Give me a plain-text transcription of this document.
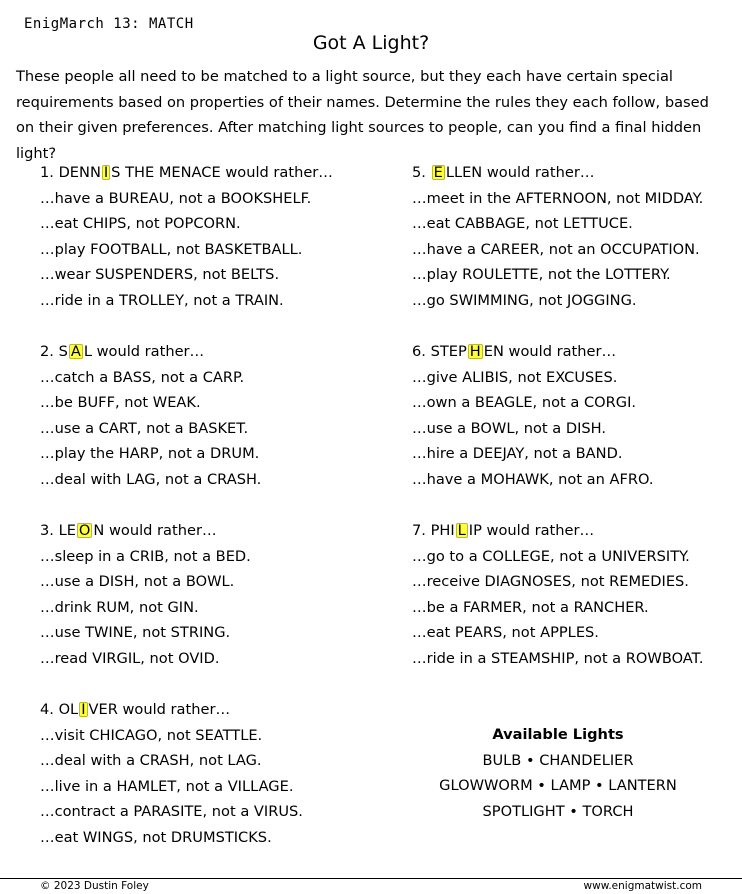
EnigMarch 13: MATCH
Got A Light?
These people all need to be matched to a light source, but they each have certain special requirements based on properties of their names. Determine the rules they each follow, based on their given preferences. After matching light sources to people, can you find a final hidden light?
1. DENN I S THE MENACE would rather…
…have a BUREAU, not a BOOKSHELF.
…eat CHIPS, not POPCORN.
…play FOOTBALL, not BASKETBALL.
…wear SUSPENDERS, not BELTS.
…ride in a TROLLEY, not a TRAIN.
2. S A L would rather…
…catch a BASS, not a CARP.
…be BUFF, not WEAK.
…use a CART, not a BASKET.
…play the HARP, not a DRUM.
…deal with LAG, not a CRASH.
3. LE O N would rather…
…sleep in a CRIB, not a BED.
…use a DISH, not a BOWL.
…drink RUM, not GIN.
…use TWINE, not STRING.
…read VIRGIL, not OVID.
4. OL I VER would rather…
…visit CHICAGO, not SEATTLE.
…deal with a CRASH, not LAG.
…live in a HAMLET, not a VILLAGE.
…contract a PARASITE, not a VIRUS.
…eat WINGS, not DRUMSTICKS.
5. E LLEN would rather…
…meet in the AFTERNOON, not MIDDAY.
…eat CABBAGE, not LETTUCE.
…have a CAREER, not an OCCUPATION.
…play ROULETTE, not the LOTTERY.
…go SWIMMING, not JOGGING.
6. STEP H EN would rather…
…give ALIBIS, not EXCUSES.
…own a BEAGLE, not a CORGI.
…use a BOWL, not a DISH.
…hire a DEEJAY, not a BAND.
…have a MOHAWK, not an AFRO.
7. PHI L IP would rather…
…go to a COLLEGE, not a UNIVERSITY.
…receive DIAGNOSES, not REMEDIES.
…be a FARMER, not a RANCHER.
…eat PEARS, not APPLES.
…ride in a STEAMSHIP, not a ROWBOAT.
Available Lights
BULB • CHANDELIER
GLOWWORM • LAMP • LANTERN
SPOTLIGHT • TORCH
© 2023 Dustin Foley	www.enigmatwist.com
